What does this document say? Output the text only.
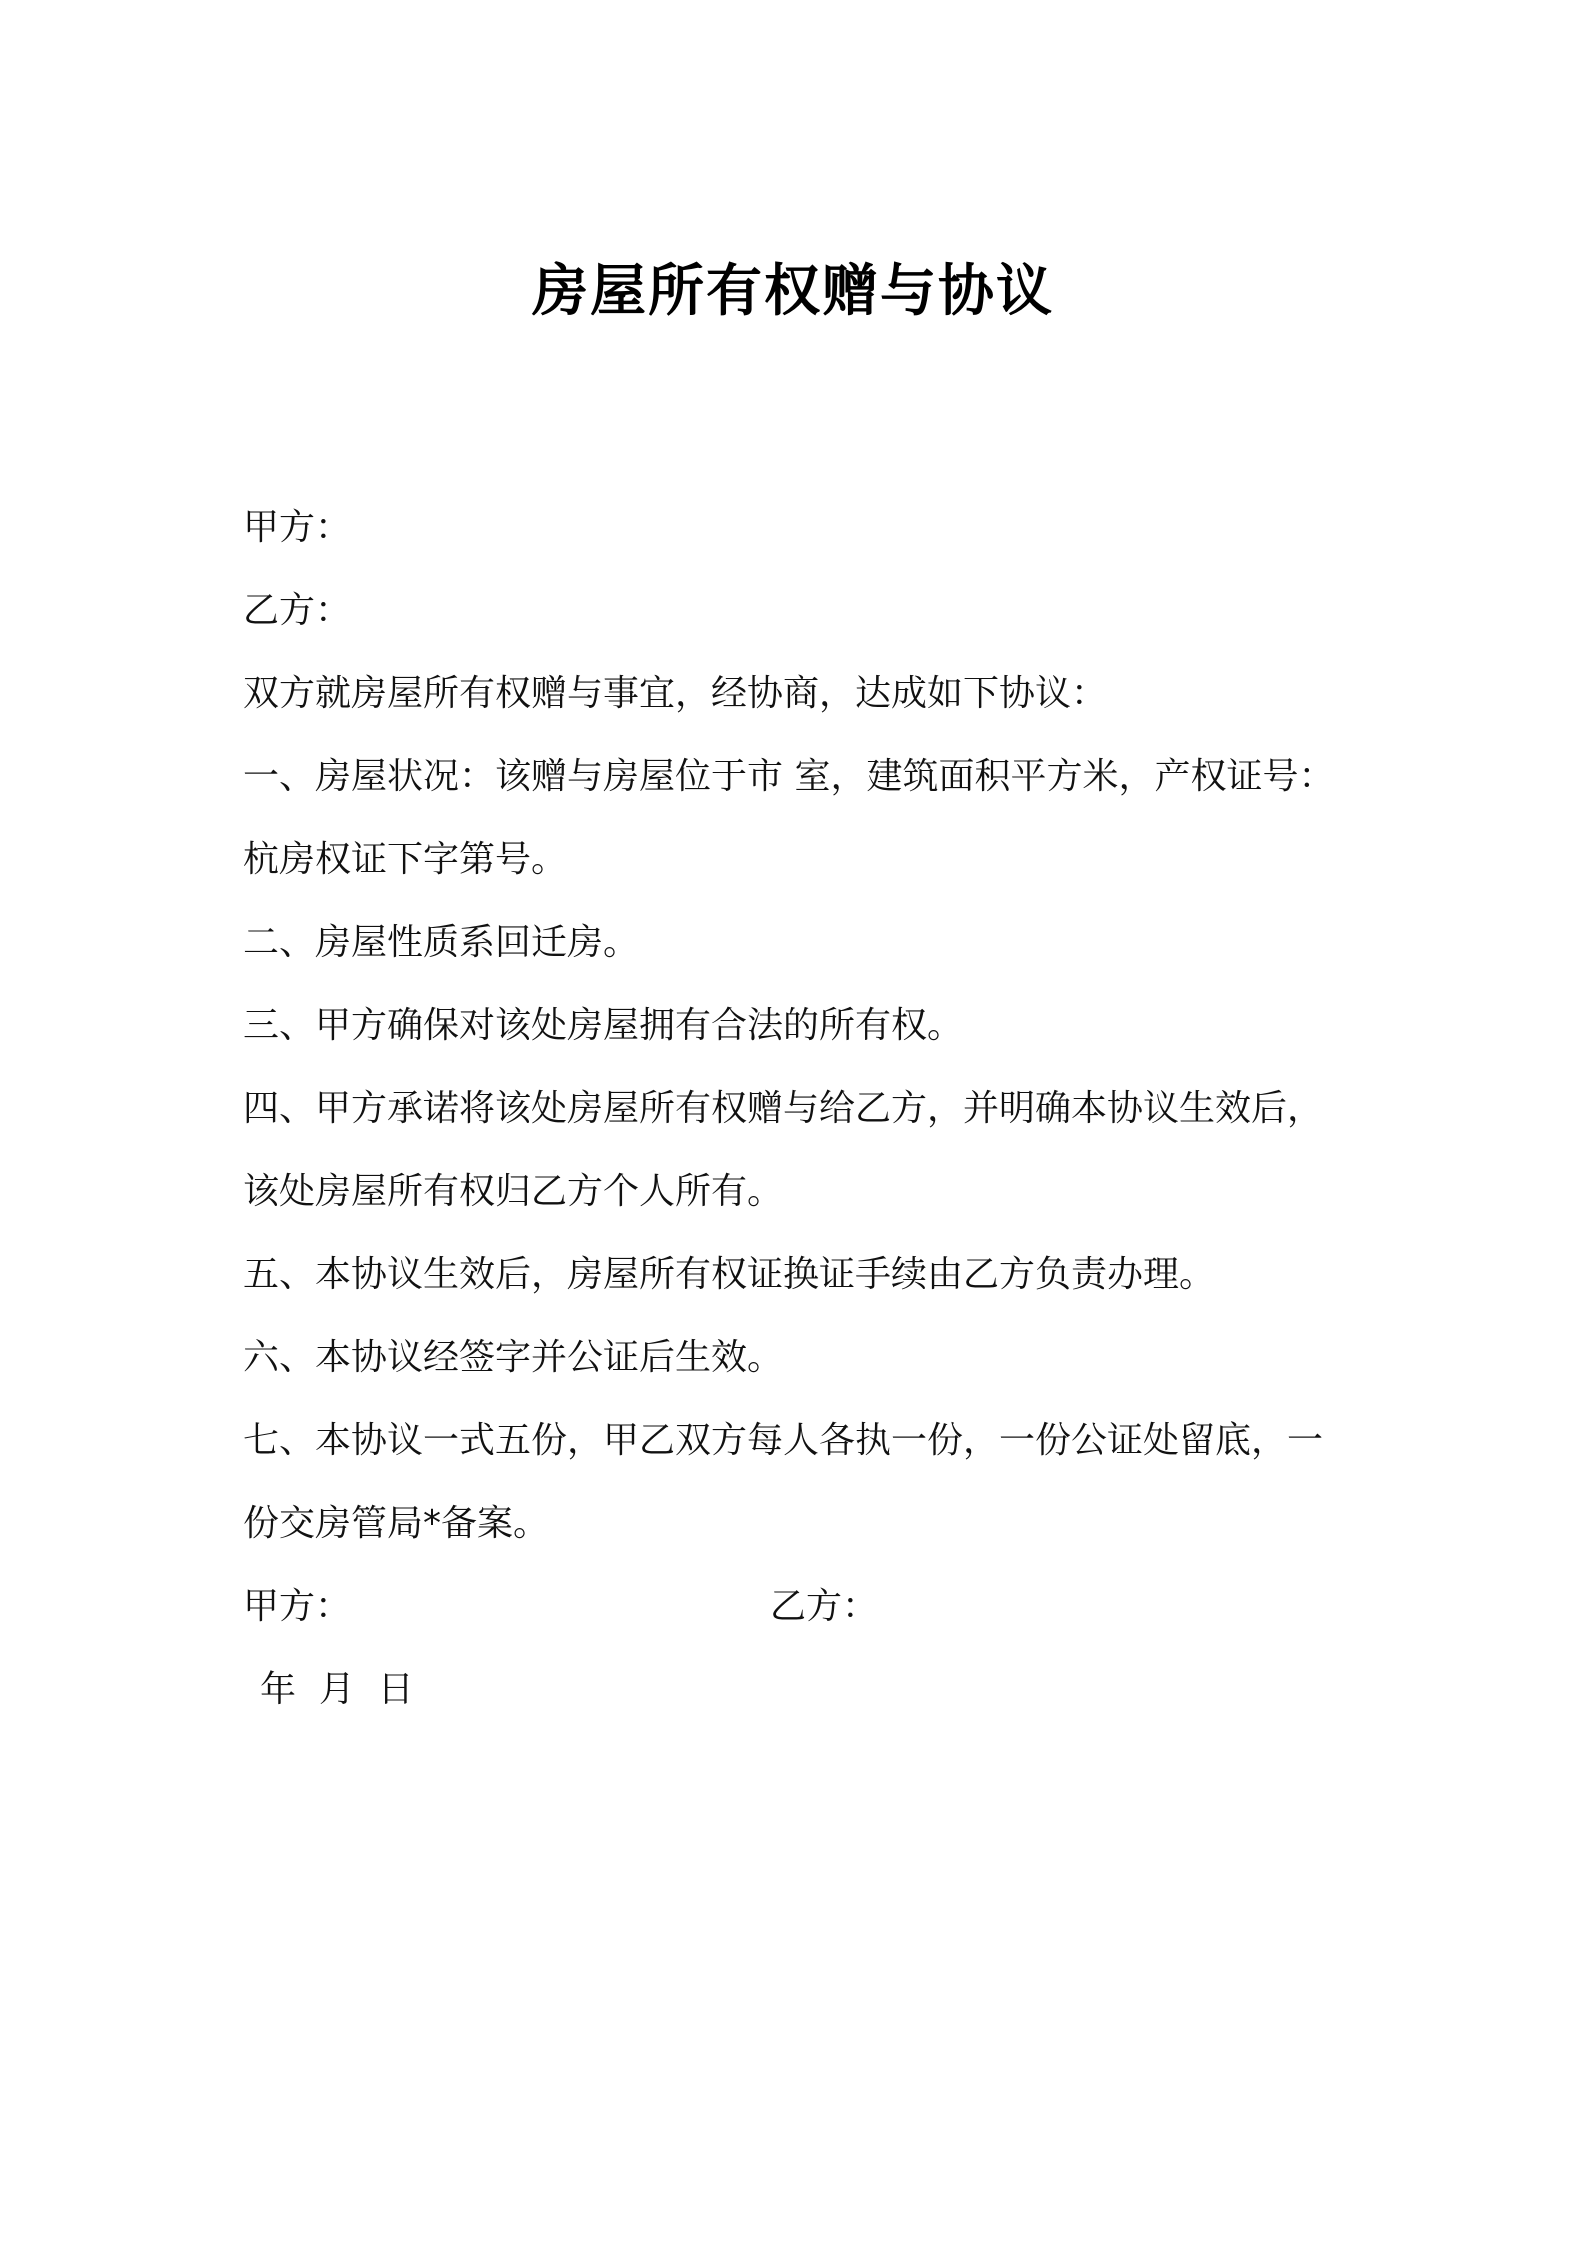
房屋所有权赠与协议
甲方：
乙方：
双方就房屋所有权赠与事宜，经协商，达成如下协议：
一、房屋状况：该赠与房屋位于市 室，建筑面积平方米，产权证号：
杭房权证下字第号。
二、房屋性质系回迁房。
三、甲方确保对该处房屋拥有合法的所有权。
四、甲方承诺将该处房屋所有权赠与给乙方，并明确本协议生效后，
该处房屋所有权归乙方个人所有。
五、本协议生效后，房屋所有权证换证手续由乙方负责办理。
六、本协议经签字并公证后生效。
七、本协议一式五份，甲乙双方每人各执一份，一份公证处留底，一
份交房管局*备案。
甲方：	乙方：
年  月  日
